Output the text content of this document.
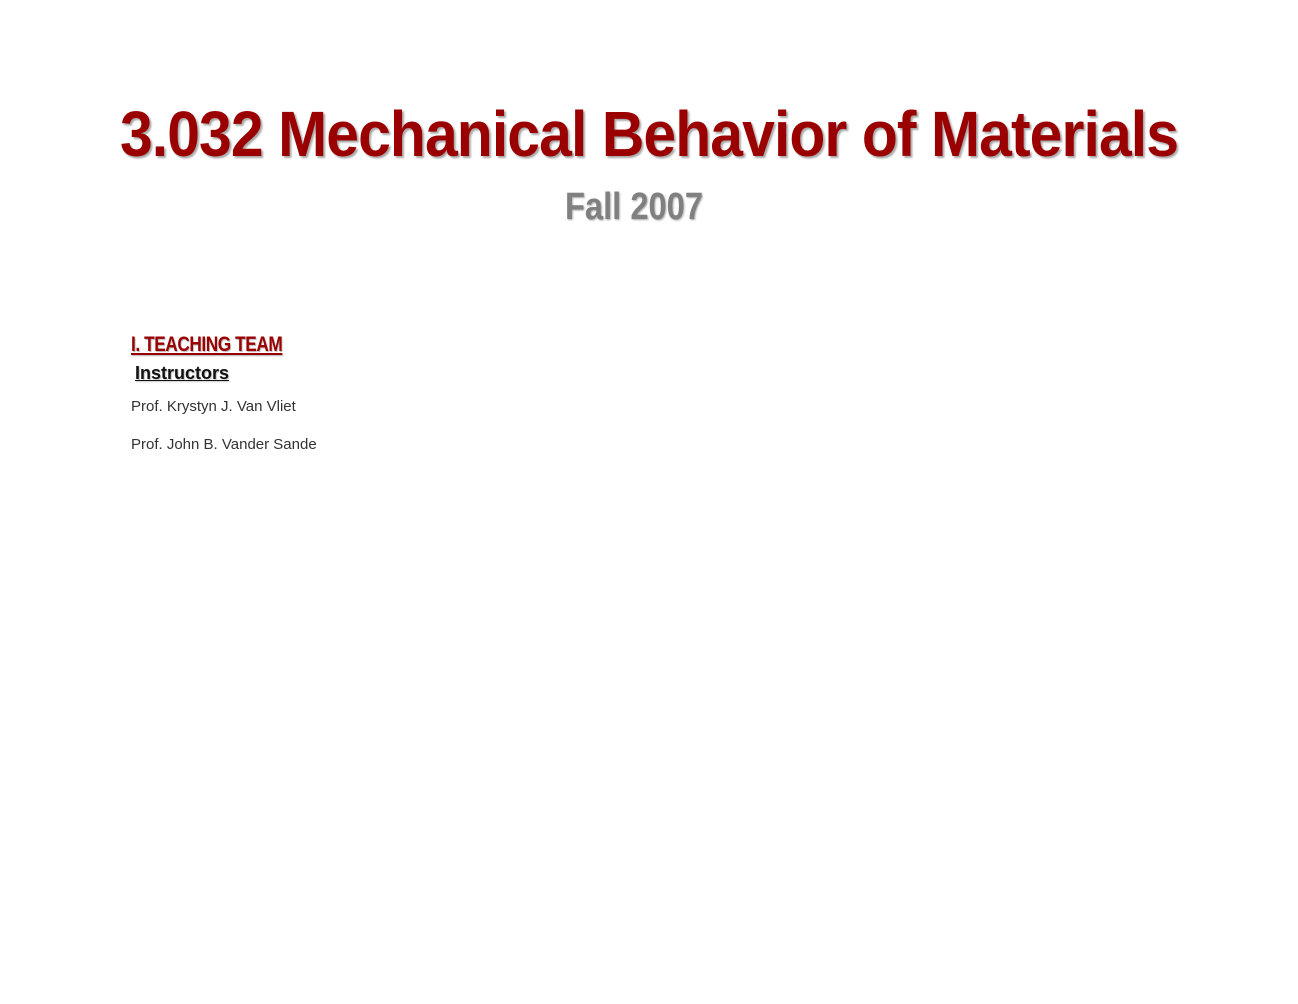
3.032 Mechanical Behavior of Materials
Fall 2007
I. TEACHING TEAM
Instructors
Prof. Krystyn J. Van Vliet
Prof. John B. Vander Sande
